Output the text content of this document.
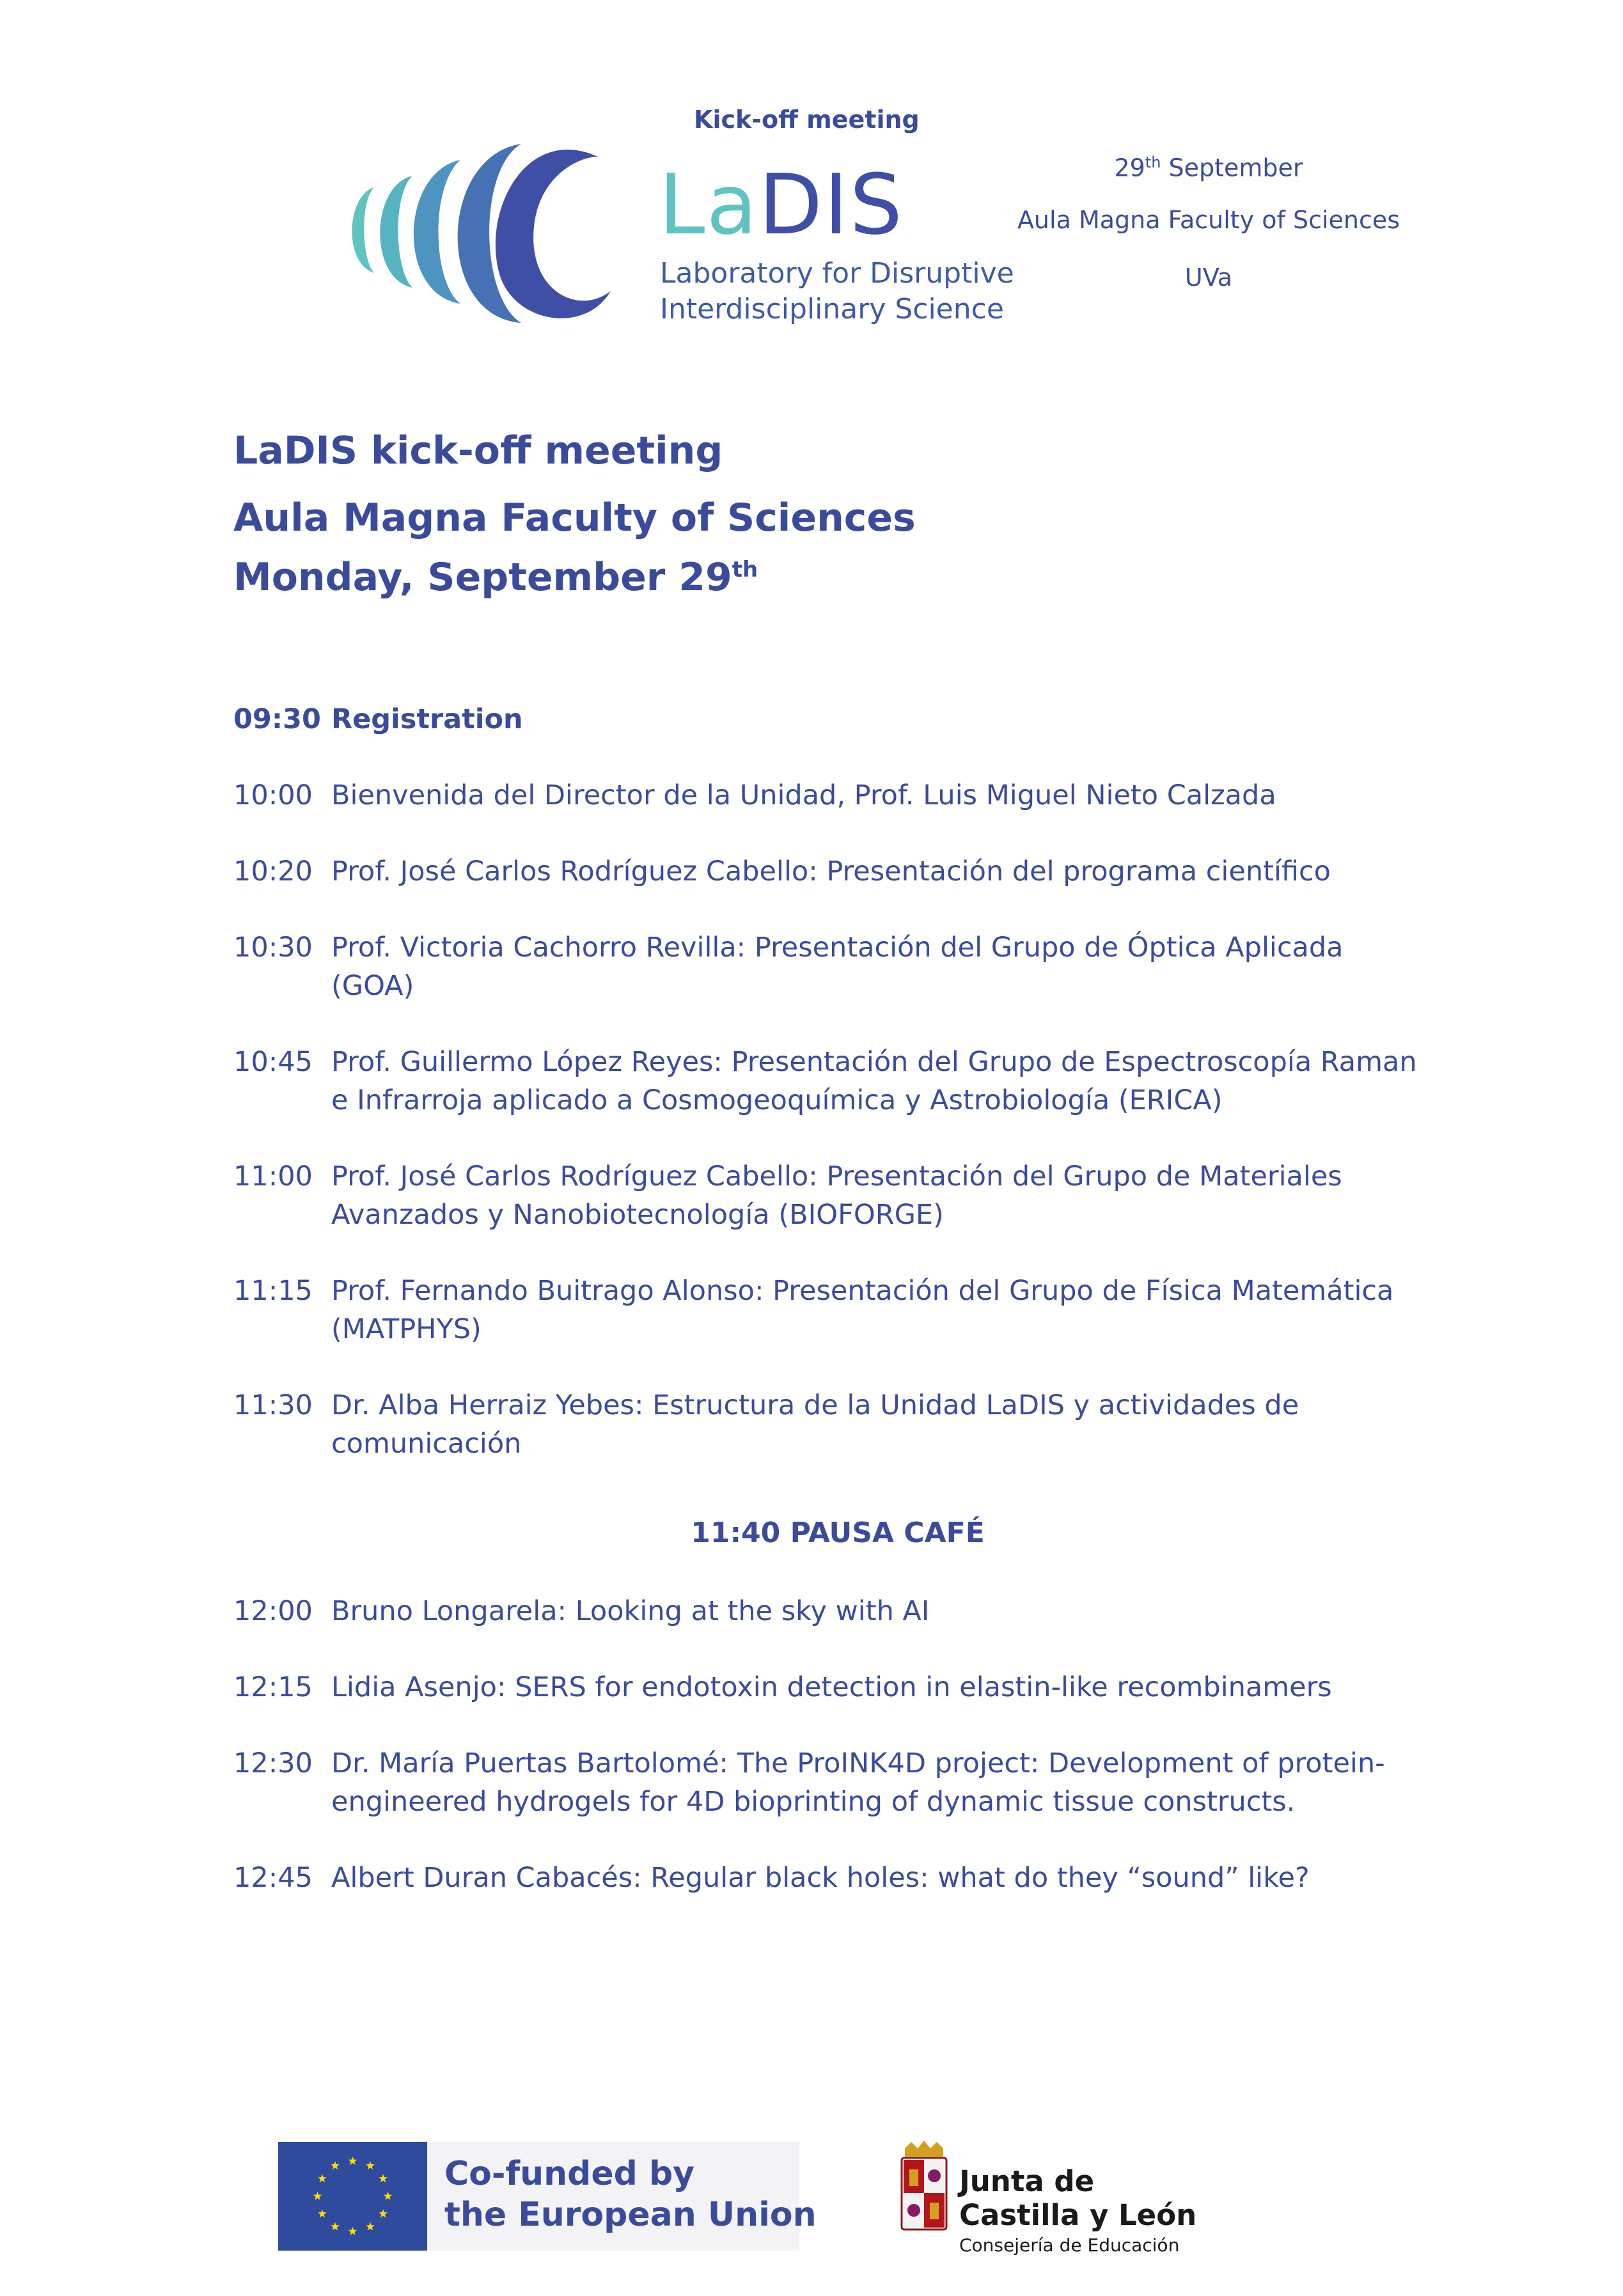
Kick-off meeting
LaDIS
Laboratory for Disruptive
Interdisciplinary Science
29th September
Aula Magna Faculty of Sciences
UVa
LaDIS kick-off meeting
Aula Magna Faculty of Sciences
Monday, September 29th
09:30 Registration
10:00 Bienvenida del Director de la Unidad, Prof. Luis Miguel Nieto Calzada
10:20 Prof. José Carlos Rodríguez Cabello: Presentación del programa científico
10:30 Prof. Victoria Cachorro Revilla: Presentación del Grupo de Óptica Aplicada
(GOA)
10:45 Prof. Guillermo López Reyes: Presentación del Grupo de Espectroscopía Raman
e Infrarroja aplicado a Cosmogeoquímica y Astrobiología (ERICA)
11:00 Prof. José Carlos Rodríguez Cabello: Presentación del Grupo de Materiales
Avanzados y Nanobiotecnología (BIOFORGE)
11:15 Prof. Fernando Buitrago Alonso: Presentación del Grupo de Física Matemática
(MATPHYS)
11:30 Dr. Alba Herraiz Yebes: Estructura de la Unidad LaDIS y actividades de
comunicación
11:40 PAUSA CAFÉ
12:00 Bruno Longarela: Looking at the sky with AI
12:15 Lidia Asenjo: SERS for endotoxin detection in elastin-like recombinamers
12:30 Dr. María Puertas Bartolomé: The ProINK4D project: Development of protein-
engineered hydrogels for 4D bioprinting of dynamic tissue constructs.
12:45 Albert Duran Cabacés: Regular black holes: what do they “sound” like?
Co-funded by
the European Union
Junta de
Castilla y León
Consejería de Educación
